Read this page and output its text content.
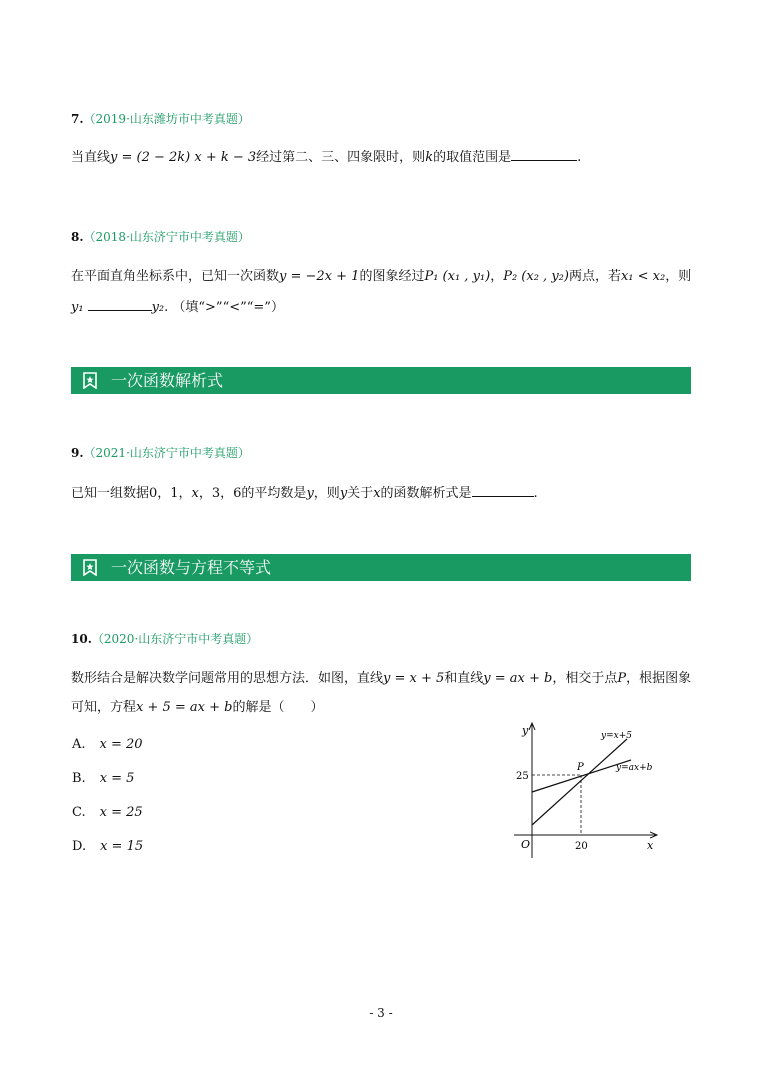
7.（2019·山东潍坊市中考真题）
当直线y = (2 − 2k) x + k − 3经过第二、三、四象限时，则k的取值范围是	.
8.（2018·山东济宁市中考真题）
在平面直角坐标系中，已知一次函数y = −2x + 1的图象经过P₁ (x₁ , y₁)，P₂ (x₂ , y₂)两点，若x₁ < x₂，则
y₁	y₂. （填“>”“<”“=”）
一次函数解析式
9.（2021·山东济宁市中考真题）
已知一组数据0，1，x，3，6的平均数是y，则y关于x的函数解析式是	.
一次函数与方程不等式
10.（2020·山东济宁市中考真题）
数形结合是解决数学问题常用的思想方法．如图，直线y = x + 5和直线y = ax + b，相交于点P，根据图象
可知，方程x + 5 = ax + b的解是（　　）
A. x = 20
B. x = 5
C. x = 25
D. x = 15
y
x
O
25
20
P
y=x+5
y=ax+b
- 3 -
